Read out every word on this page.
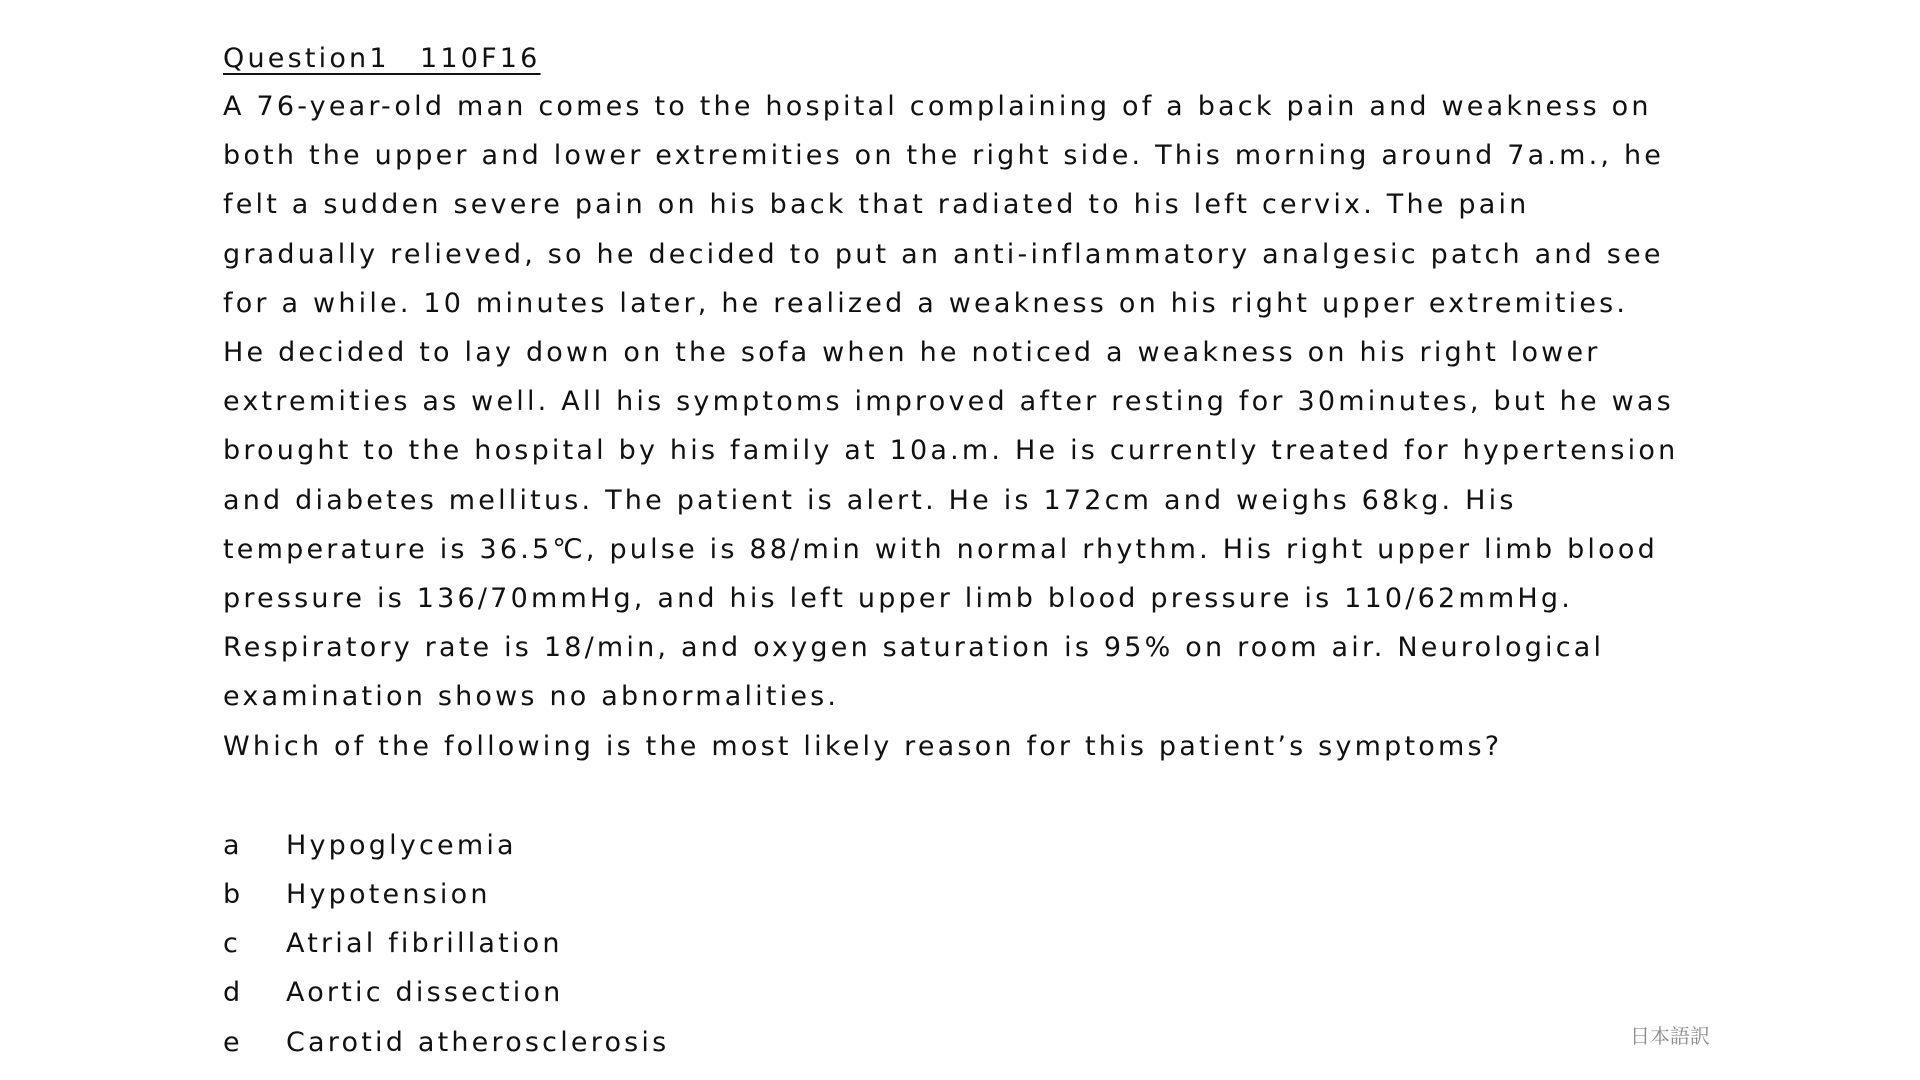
Question1　110F16

A 76-year-old man comes to the hospital complaining of a back pain and weakness on both the upper and lower extremities on the right side. This morning around 7a.m., he felt a sudden severe pain on his back that radiated to his left cervix. The pain gradually relieved, so he decided to put an anti-inflammatory analgesic patch and see for a while. 10 minutes later, he realized a weakness on his right upper extremities. He decided to lay down on the sofa when he noticed a weakness on his right lower extremities as well. All his symptoms improved after resting for 30minutes, but he was brought to the hospital by his family at 10a.m. He is currently treated for hypertension and diabetes mellitus. The patient is alert. He is 172cm and weighs 68kg. His temperature is 36.5℃, pulse is 88/min with normal rhythm. His right upper limb blood pressure is 136/70mmHg, and his left upper limb blood pressure is 110/62mmHg. Respiratory rate is 18/min, and oxygen saturation is 95% on room air. Neurological examination shows no abnormalities.

Which of the following is the most likely reason for this patient’s symptoms?

a	Hypoglycemia
b	Hypotension
c	Atrial fibrillation
d	Aortic dissection
e	Carotid atherosclerosis	日本語訳
